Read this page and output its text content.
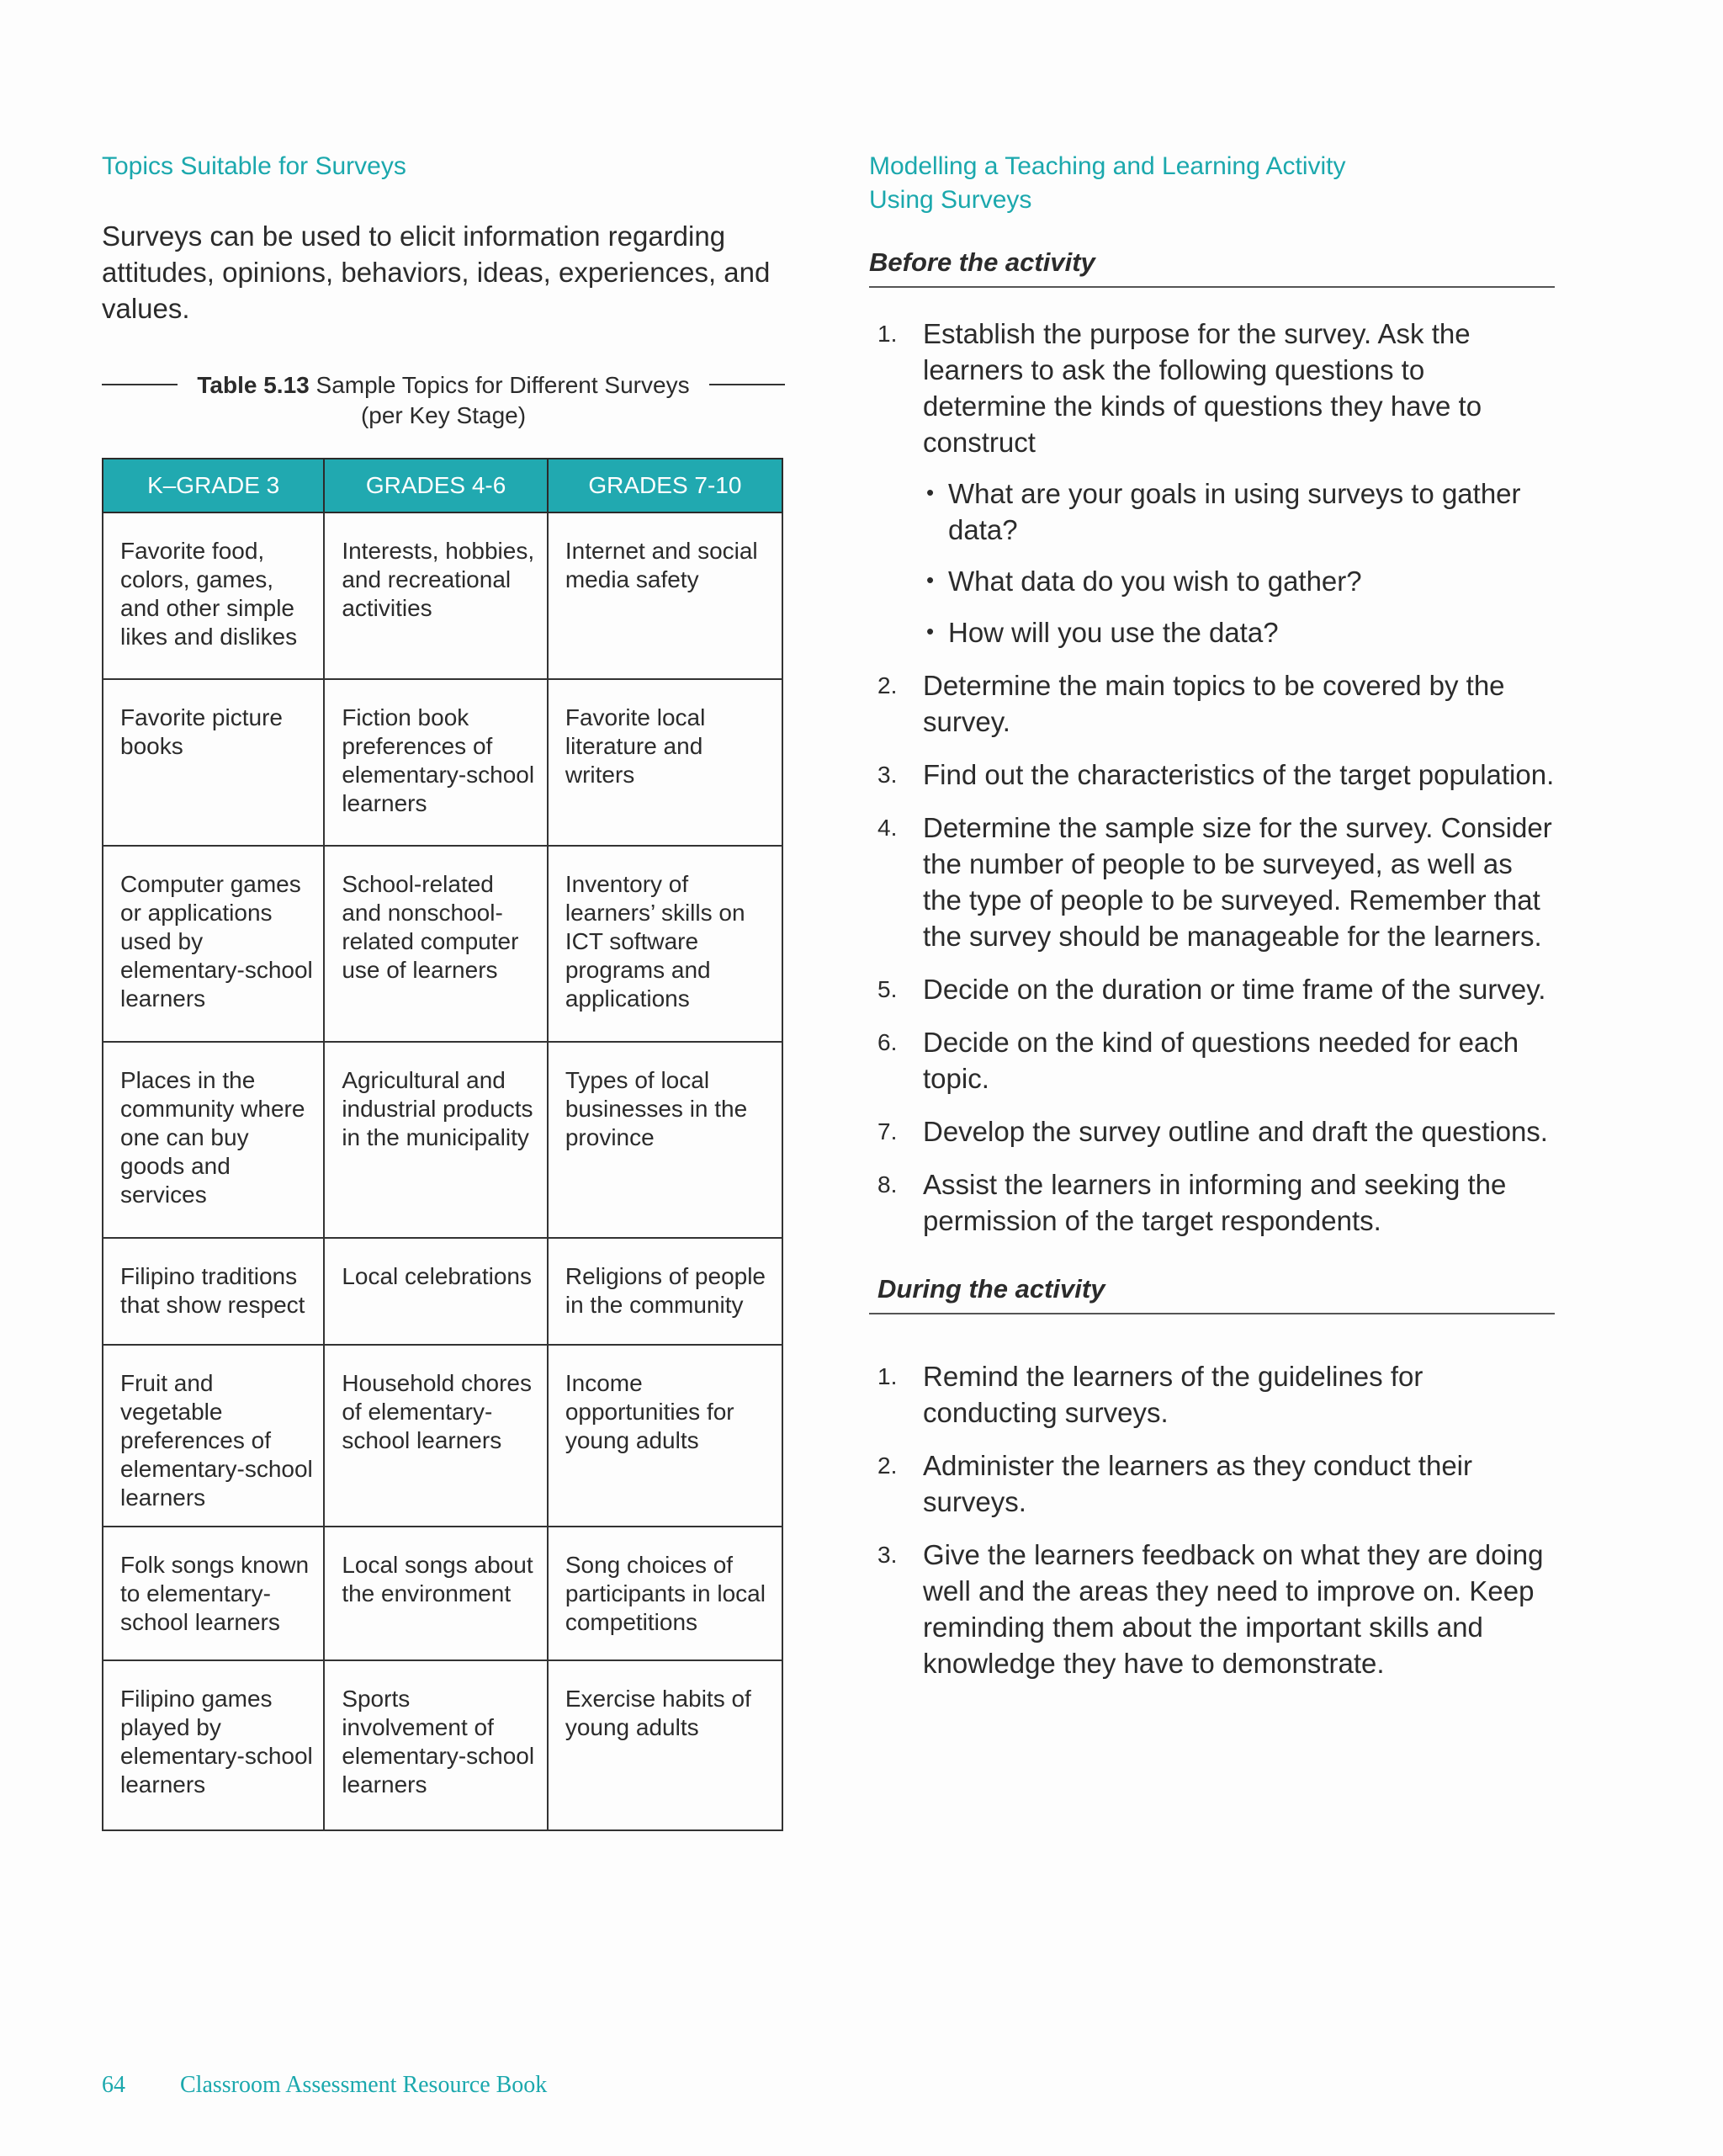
Topics Suitable for Surveys

Surveys can be used to elicit information regarding attitudes, opinions, behaviors, ideas, experiences, and values.

Table 5.13 Sample Topics for Different Surveys
(per Key Stage)
K–GRADE 3	GRADES 4-6	GRADES 7-10
Favorite food, colors, games, and other simple likes and dislikes	Interests, hobbies, and recreational activities	Internet and social media safety
Favorite picture books	Fiction book preferences of elementary-school learners	Favorite local literature and writers
Computer games or applications used by elementary-school learners	School-related and nonschool-related computer use of learners	Inventory of learners’ skills on ICT software programs and applications
Places in the community where one can buy goods and services	Agricultural and industrial products in the municipality	Types of local businesses in the province
Filipino traditions that show respect	Local celebrations	Religions of people in the community
Fruit and vegetable preferences of elementary-school learners	Household chores of elementary-school learners	Income opportunities for young adults
Folk songs known to elementary-school learners	Local songs about the environment	Song choices of participants in local competitions
Filipino games played by elementary-school learners	Sports involvement of elementary-school learners	Exercise habits of young adults
Modelling a Teaching and Learning Activity
Using Surveys
Before the activity
1. Establish the purpose for the survey. Ask the learners to ask the following questions to determine the kinds of questions they have to construct
• What are your goals in using surveys to gather data?
• What data do you wish to gather?
• How will you use the data?
2. Determine the main topics to be covered by the survey.
3. Find out the characteristics of the target population.
4. Determine the sample size for the survey. Consider the number of people to be surveyed, as well as the type of people to be surveyed. Remember that the survey should be manageable for the learners.
5. Decide on the duration or time frame of the survey.
6. Decide on the kind of questions needed for each topic.
7. Develop the survey outline and draft the questions.
8. Assist the learners in informing and seeking the permission of the target respondents.
During the activity
1. Remind the learners of the guidelines for conducting surveys.
2. Administer the learners as they conduct their surveys.
3. Give the learners feedback on what they are doing well and the areas they need to improve on. Keep reminding them about the important skills and knowledge they have to demonstrate.
64 Classroom Assessment Resource Book
